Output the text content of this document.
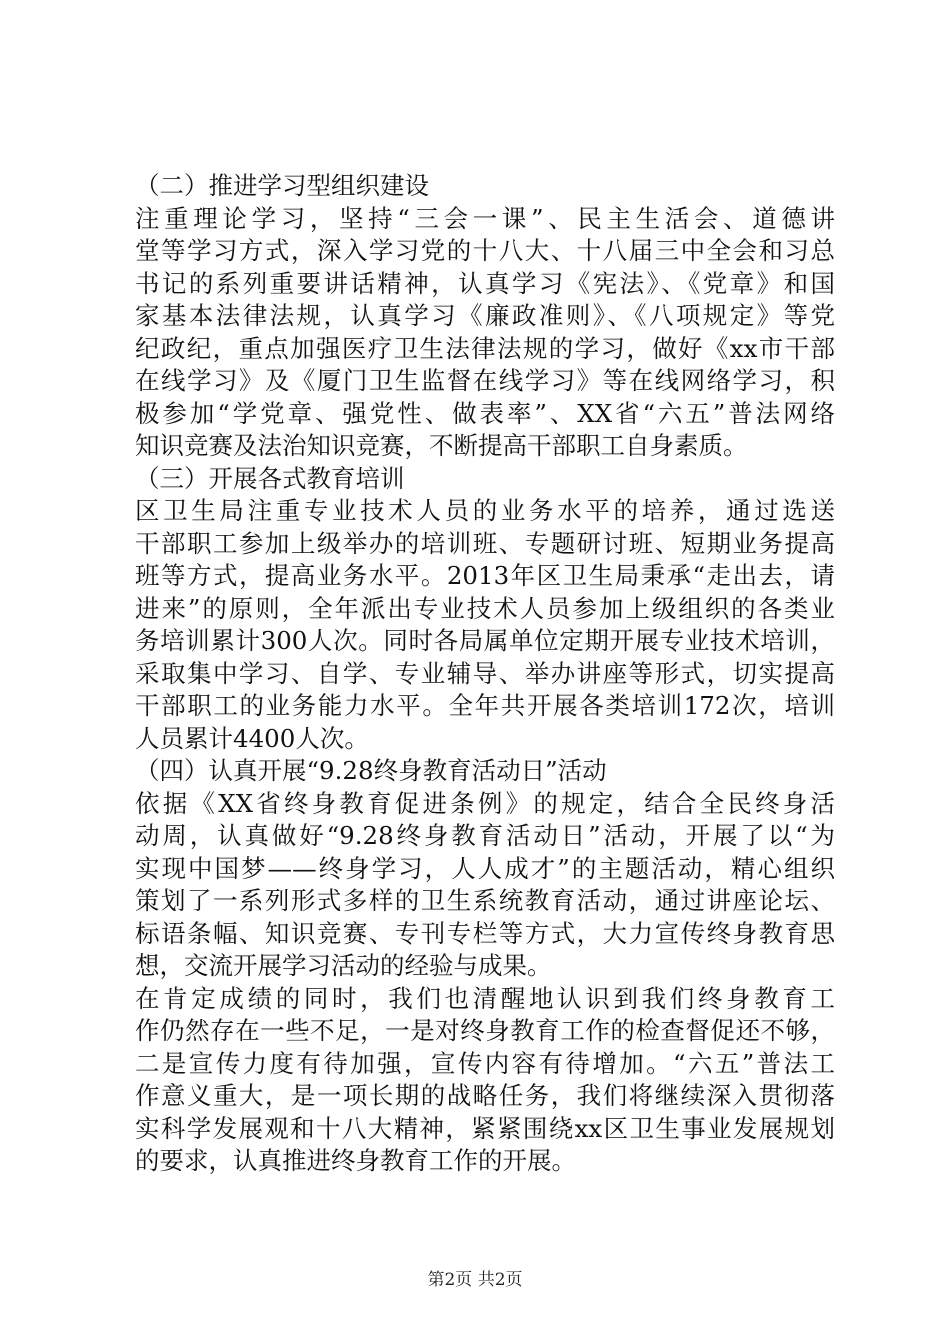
（二）推进学习型组织建设
注重理论学习，坚持“三会一课”、民主生活会、道德讲
堂等学习方式，深入学习党的十八大、十八届三中全会和习总
书记的系列重要讲话精神，认真学习《宪法》、《党章》和国
家基本法律法规，认真学习《廉政准则》、《八项规定》等党
纪政纪，重点加强医疗卫生法律法规的学习，做好《xx市干部
在线学习》及《厦门卫生监督在线学习》等在线网络学习，积
极参加“学党章、强党性、做表率”、XX省“六五”普法网络
知识竞赛及法治知识竞赛，不断提高干部职工自身素质。
（三）开展各式教育培训
区卫生局注重专业技术人员的业务水平的培养，通过选送
干部职工参加上级举办的培训班、专题研讨班、短期业务提高
班等方式，提高业务水平。2013年区卫生局秉承“走出去，请
进来”的原则，全年派出专业技术人员参加上级组织的各类业
务培训累计300人次。同时各局属单位定期开展专业技术培训，
采取集中学习、自学、专业辅导、举办讲座等形式，切实提高
干部职工的业务能力水平。全年共开展各类培训172次，培训
人员累计4400人次。
（四）认真开展“9.28终身教育活动日”活动
依据《XX省终身教育促进条例》的规定，结合全民终身活
动周，认真做好“9.28终身教育活动日”活动，开展了以“为
实现中国梦——终身学习，人人成才”的主题活动，精心组织
策划了一系列形式多样的卫生系统教育活动，通过讲座论坛、
标语条幅、知识竞赛、专刊专栏等方式，大力宣传终身教育思
想，交流开展学习活动的经验与成果。
在肯定成绩的同时，我们也清醒地认识到我们终身教育工
作仍然存在一些不足，一是对终身教育工作的检查督促还不够，
二是宣传力度有待加强，宣传内容有待增加。“六五”普法工
作意义重大，是一项长期的战略任务，我们将继续深入贯彻落
实科学发展观和十八大精神，紧紧围绕xx区卫生事业发展规划
的要求，认真推进终身教育工作的开展。
第2页 共2页
